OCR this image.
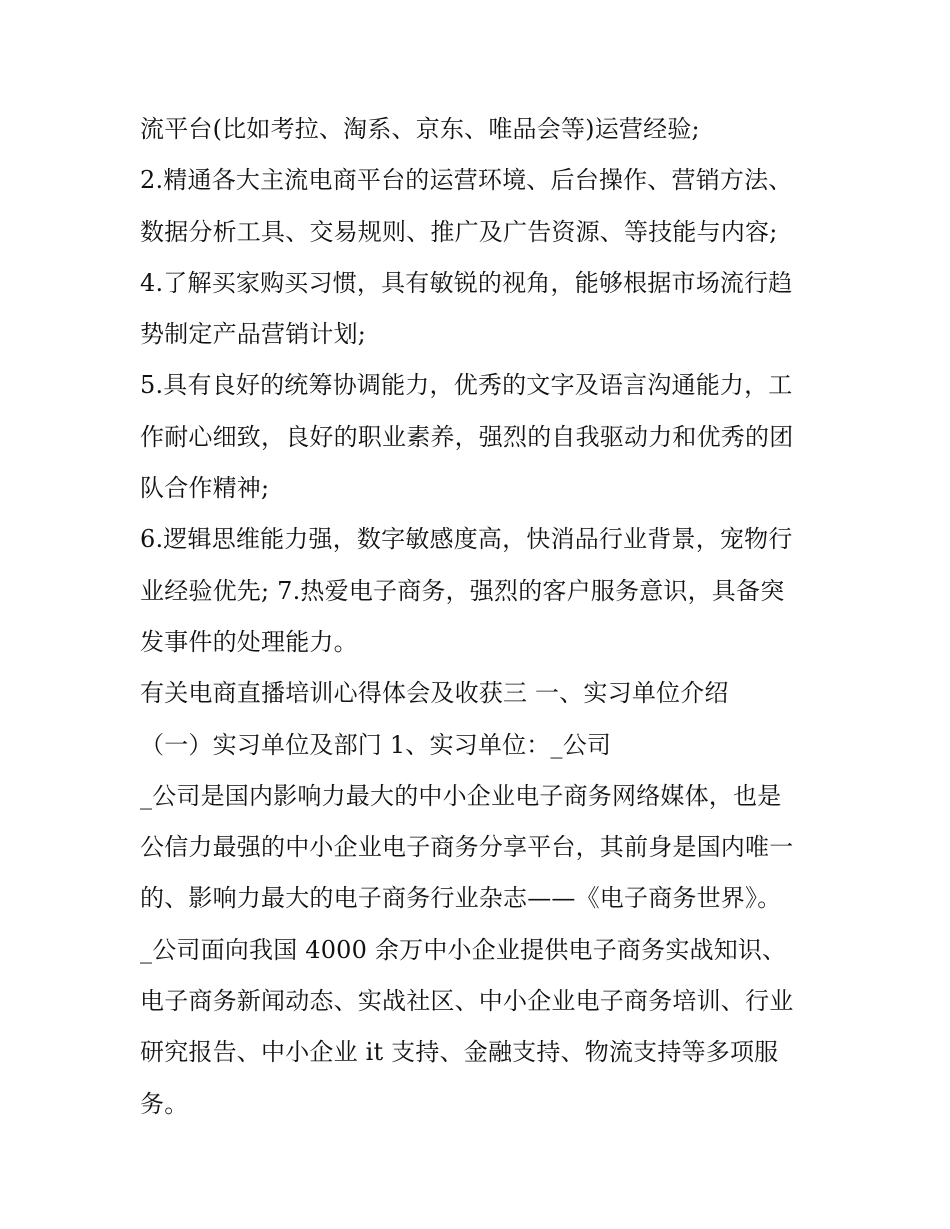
流平台(比如考拉、淘系、京东、唯品会等)运营经验;
2.精通各大主流电商平台的运营环境、后台操作、营销方法、
数据分析工具、交易规则、推广及广告资源、等技能与内容;
4.了解买家购买习惯，具有敏锐的视角，能够根据市场流行趋
势制定产品营销计划;
5.具有良好的统筹协调能力，优秀的文字及语言沟通能力，工
作耐心细致，良好的职业素养，强烈的自我驱动力和优秀的团
队合作精神;
6.逻辑思维能力强，数字敏感度高，快消品行业背景，宠物行
业经验优先; 7.热爱电子商务，强烈的客户服务意识，具备突
发事件的处理能力。
有关电商直播培训心得体会及收获三 一、实习单位介绍
（一）实习单位及部门 1、实习单位：_公司
_公司是国内影响力最大的中小企业电子商务网络媒体，也是
公信力最强的中小企业电子商务分享平台，其前身是国内唯一
的、影响力最大的电子商务行业杂志——《电子商务世界》。
_公司面向我国 4000 余万中小企业提供电子商务实战知识、
电子商务新闻动态、实战社区、中小企业电子商务培训、行业
研究报告、中小企业 it 支持、金融支持、物流支持等多项服
务。
